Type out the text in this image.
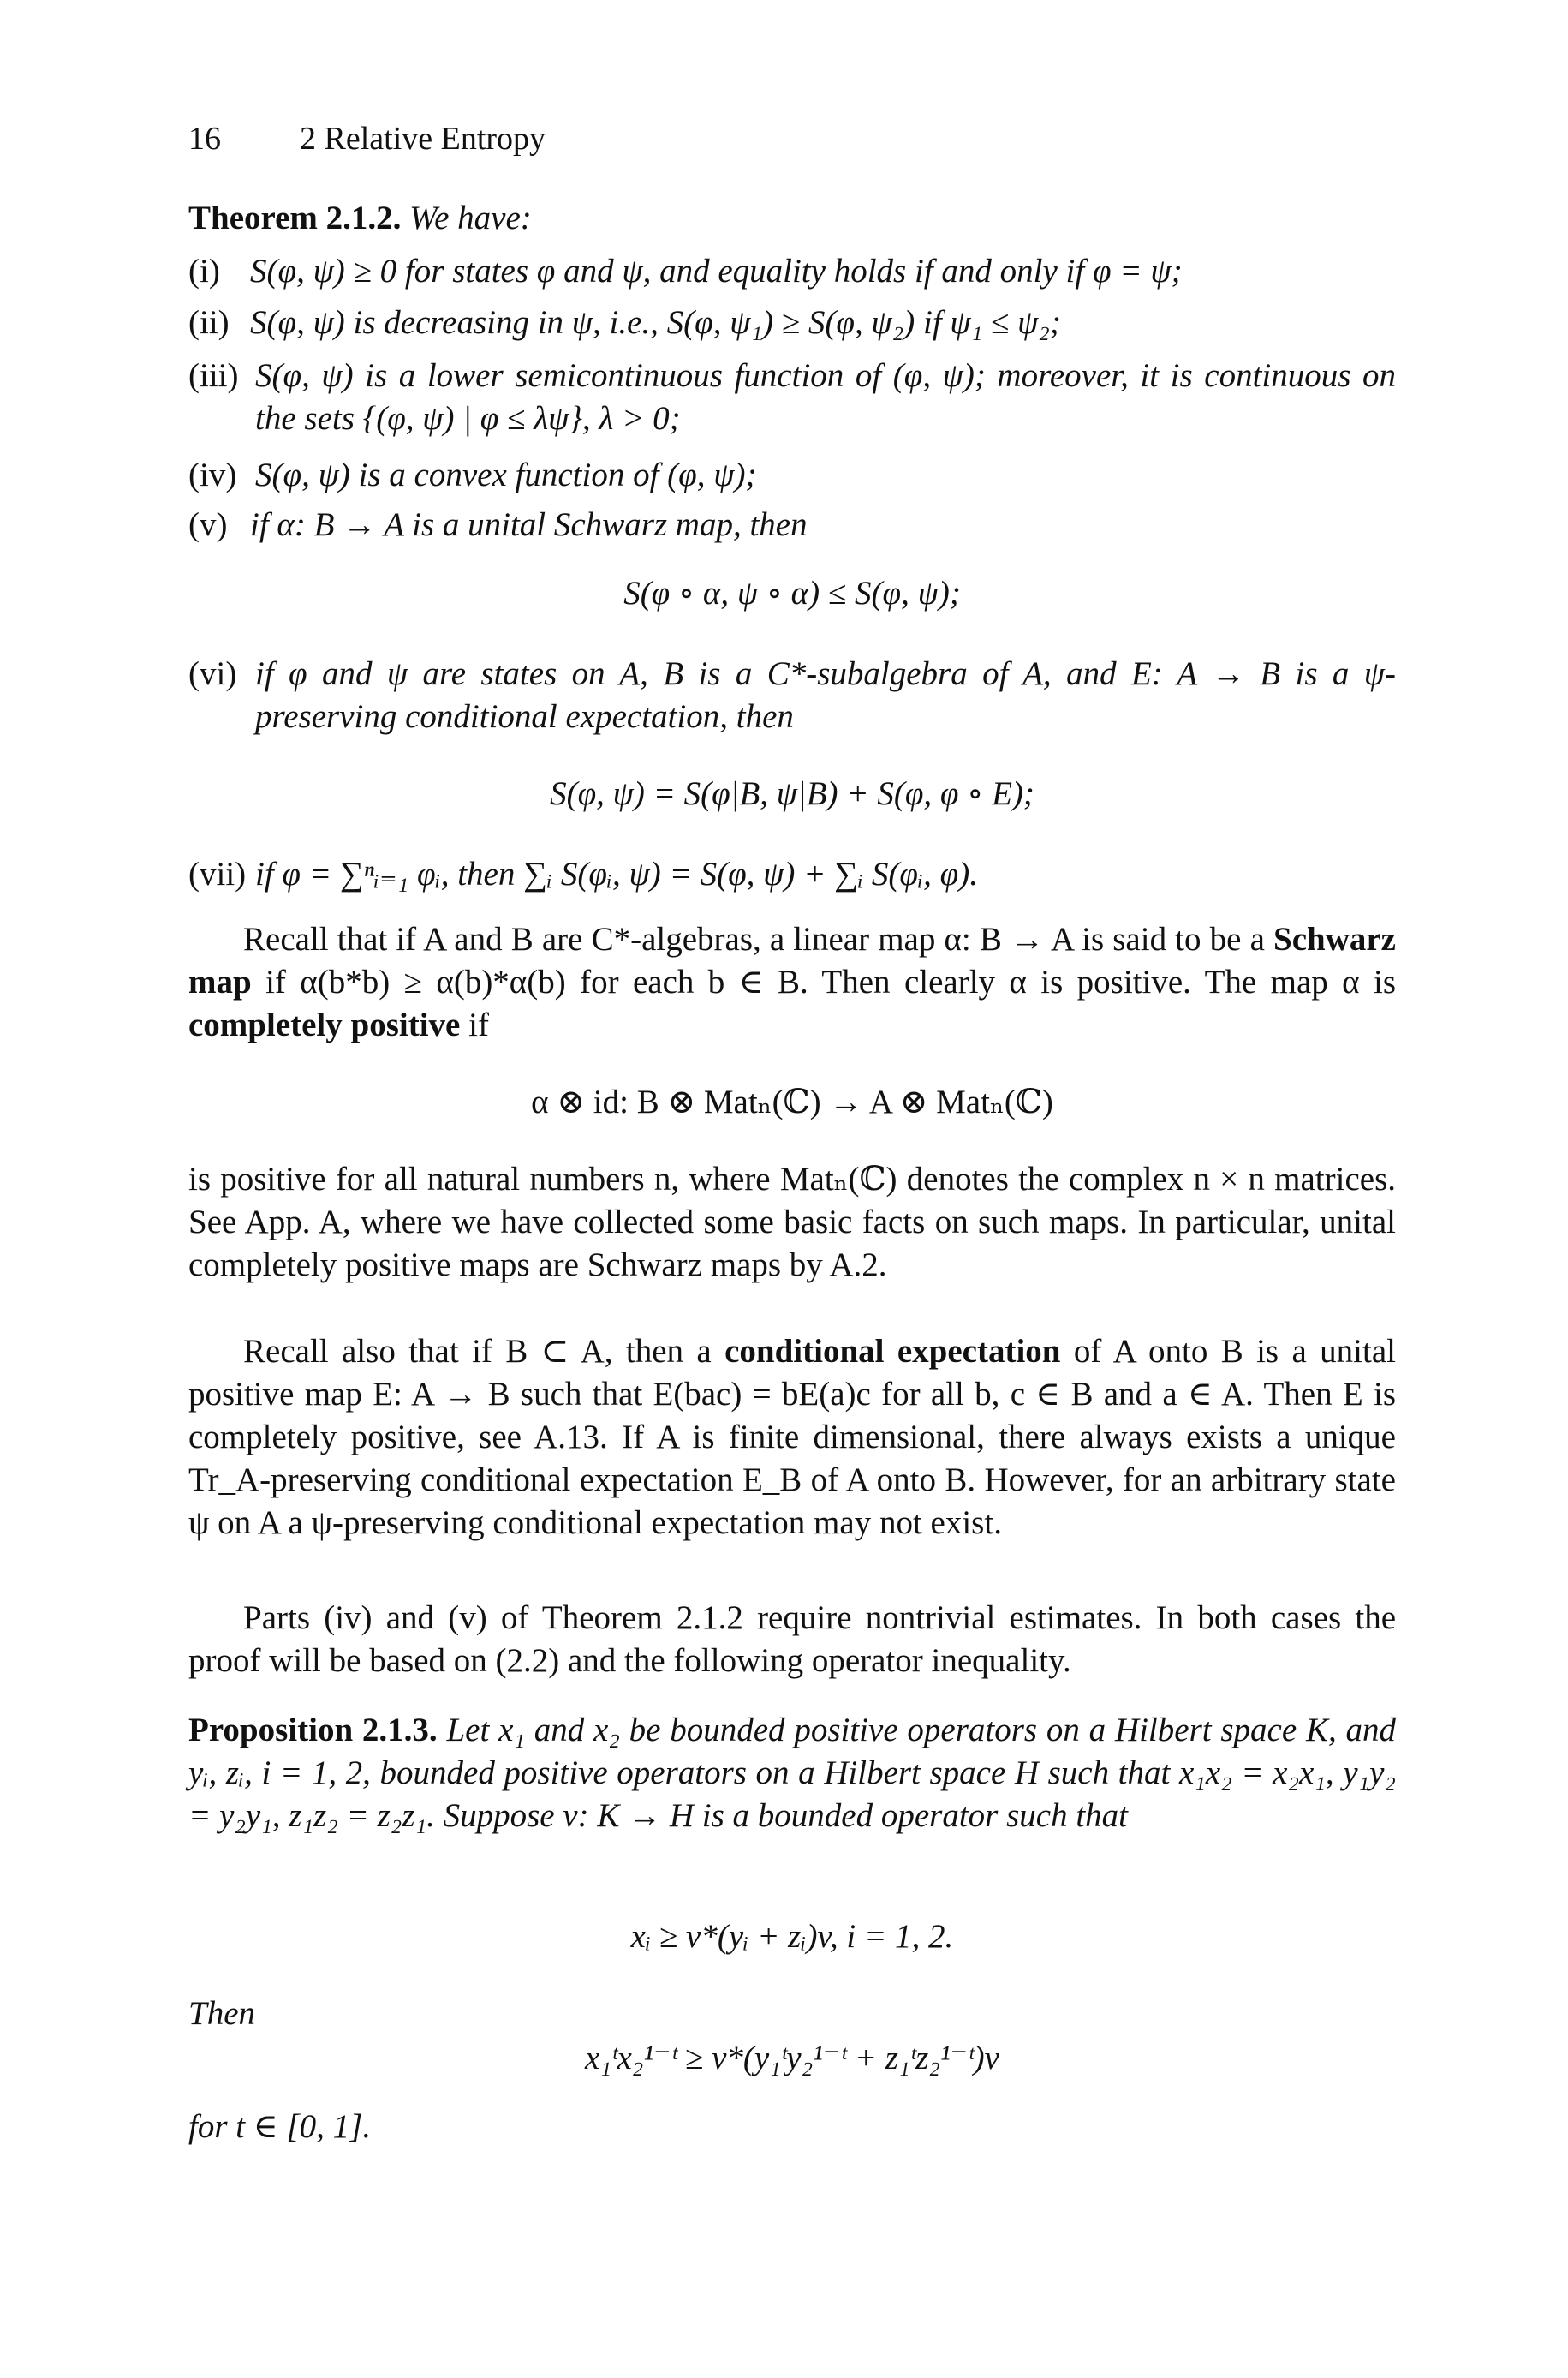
16 2 Relative Entropy
Theorem 2.1.2. We have:
(i) S(φ, ψ) ≥ 0 for states φ and ψ, and equality holds if and only if φ = ψ;
(ii) S(φ, ψ) is decreasing in ψ, i.e., S(φ, ψ₁) ≥ S(φ, ψ₂) if ψ₁ ≤ ψ₂;
(iii) S(φ, ψ) is a lower semicontinuous function of (φ, ψ); moreover, it is continuous on the sets {(φ, ψ) | φ ≤ λψ}, λ > 0;
(iv) S(φ, ψ) is a convex function of (φ, ψ);
(v) if α: B → A is a unital Schwarz map, then
S(φ ∘ α, ψ ∘ α) ≤ S(φ, ψ);
(vi) if φ and ψ are states on A, B is a C*-subalgebra of A, and E: A → B is a ψ-preserving conditional expectation, then
S(φ, ψ) = S(φ|B, ψ|B) + S(φ, φ ∘ E);
(vii) if φ = ∑ⁿᵢ₌₁ φᵢ, then ∑ᵢ S(φᵢ, ψ) = S(φ, ψ) + ∑ᵢ S(φᵢ, φ).
Recall that if A and B are C*-algebras, a linear map α: B → A is said to be a Schwarz map if α(b*b) ≥ α(b)*α(b) for each b ∈ B. Then clearly α is positive. The map α is completely positive if
α ⊗ id: B ⊗ Matₙ(ℂ) → A ⊗ Matₙ(ℂ)
is positive for all natural numbers n, where Matₙ(ℂ) denotes the complex n × n matrices. See App. A, where we have collected some basic facts on such maps. In particular, unital completely positive maps are Schwarz maps by A.2.
Recall also that if B ⊂ A, then a conditional expectation of A onto B is a unital positive map E: A → B such that E(bac) = bE(a)c for all b, c ∈ B and a ∈ A. Then E is completely positive, see A.13. If A is finite dimensional, there always exists a unique Tr_A-preserving conditional expectation E_B of A onto B. However, for an arbitrary state ψ on A a ψ-preserving conditional expectation may not exist.
Parts (iv) and (v) of Theorem 2.1.2 require nontrivial estimates. In both cases the proof will be based on (2.2) and the following operator inequality.
Proposition 2.1.3. Let x₁ and x₂ be bounded positive operators on a Hilbert space K, and yᵢ, zᵢ, i = 1, 2, bounded positive operators on a Hilbert space H such that x₁x₂ = x₂x₁, y₁y₂ = y₂y₁, z₁z₂ = z₂z₁. Suppose v: K → H is a bounded operator such that
xᵢ ≥ v*(yᵢ + zᵢ)v, i = 1, 2.
Then
x₁ᵗx₂¹⁻ᵗ ≥ v*(y₁ᵗy₂¹⁻ᵗ + z₁ᵗz₂¹⁻ᵗ)v
for t ∈ [0, 1].
